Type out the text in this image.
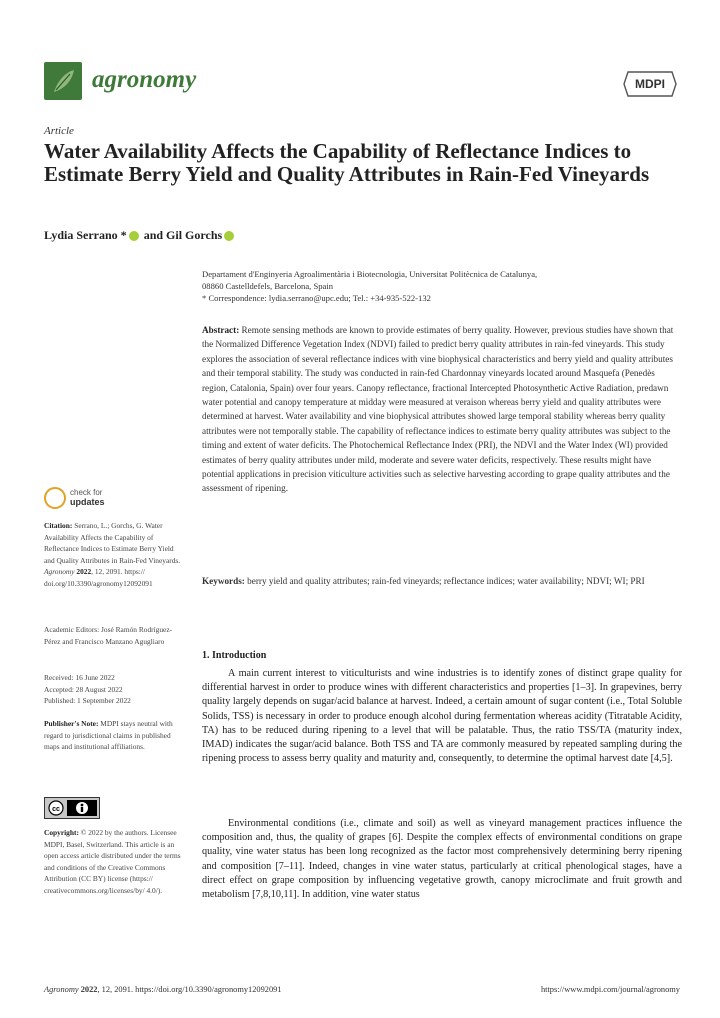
agronomy	MDPI
Article
Water Availability Affects the Capability of Reflectance Indices to Estimate Berry Yield and Quality Attributes in Rain-Fed Vineyards
Lydia Serrano * and Gil Gorchs
Departament d'Enginyeria Agroalimentària i Biotecnologia, Universitat Politècnica de Catalunya,
08860 Castelldefels, Barcelona, Spain
* Correspondence: lydia.serrano@upc.edu; Tel.: +34-935-522-132
Abstract: Remote sensing methods are known to provide estimates of berry quality. However, previous studies have shown that the Normalized Difference Vegetation Index (NDVI) failed to predict berry quality attributes in rain-fed vineyards. This study explores the association of several reflectance indices with vine biophysical characteristics and berry yield and quality attributes and their temporal stability. The study was conducted in rain-fed Chardonnay vineyards located around Masquefa (Penedès region, Catalonia, Spain) over four years. Canopy reflectance, fractional Intercepted Photosynthetic Active Radiation, predawn water potential and canopy temperature at midday were measured at veraison whereas berry yield and quality attributes were determined at harvest. Water availability and vine biophysical attributes showed large temporal stability whereas berry quality attributes were not temporally stable. The capability of reflectance indices to estimate berry quality attributes was subject to the timing and extent of water deficits. The Photochemical Reflectance Index (PRI), the NDVI and the Water Index (WI) provided estimates of berry quality attributes under mild, moderate and severe water deficits, respectively. These results might have potential applications in precision viticulture activities such as selective harvesting according to grape quality attributes and the assessment of ripening.
Keywords: berry yield and quality attributes; rain-fed vineyards; reflectance indices; water availability; NDVI; WI; PRI
check for
updates
Citation: Serrano, L.; Gorchs, G. Water Availability Affects the Capability of Reflectance Indices to Estimate Berry Yield and Quality Attributes in Rain-Fed Vineyards. Agronomy 2022, 12, 2091. https:// doi.org/10.3390/agronomy12092091
Academic Editors: José Ramón Rodríguez-Pérez and Francisco Manzano Agugliaro
Received: 16 June 2022
Accepted: 28 August 2022
Published: 1 September 2022
Publisher's Note: MDPI stays neutral with regard to jurisdictional claims in published maps and institutional affiliations.
cc
Copyright: © 2022 by the authors. Licensee MDPI, Basel, Switzerland. This article is an open access article distributed under the terms and conditions of the Creative Commons Attribution (CC BY) license (https:// creativecommons.org/licenses/by/ 4.0/).
1. Introduction
A main current interest to viticulturists and wine industries is to identify zones of distinct grape quality for differential harvest in order to produce wines with different characteristics and properties [1–3]. In grapevines, berry quality largely depends on sugar/acid balance at harvest. Indeed, a certain amount of sugar content (i.e., Total Soluble Solids, TSS) is necessary in order to produce enough alcohol during fermentation whereas acidity (Titratable Acidity, TA) has to be reduced during ripening to a level that will be palatable. Thus, the ratio TSS/TA (maturity index, IMAD) indicates the sugar/acid balance. Both TSS and TA are commonly measured by repeated sampling during the ripening process to assess berry quality and maturity and, consequently, to determine the optimal harvest date [4,5].
Environmental conditions (i.e., climate and soil) as well as vineyard management practices influence the composition and, thus, the quality of grapes [6]. Despite the complex effects of environmental conditions on grape quality, vine water status has been long recognized as the factor most comprehensively determining berry ripening and composition [7–11]. Indeed, changes in vine water status, particularly at critical phenological stages, have a direct effect on grape composition by influencing vegetative growth, canopy microclimate and fruit growth and metabolism [7,8,10,11]. In addition, vine water status
Agronomy 2022, 12, 2091. https://doi.org/10.3390/agronomy12092091	https://www.mdpi.com/journal/agronomy
